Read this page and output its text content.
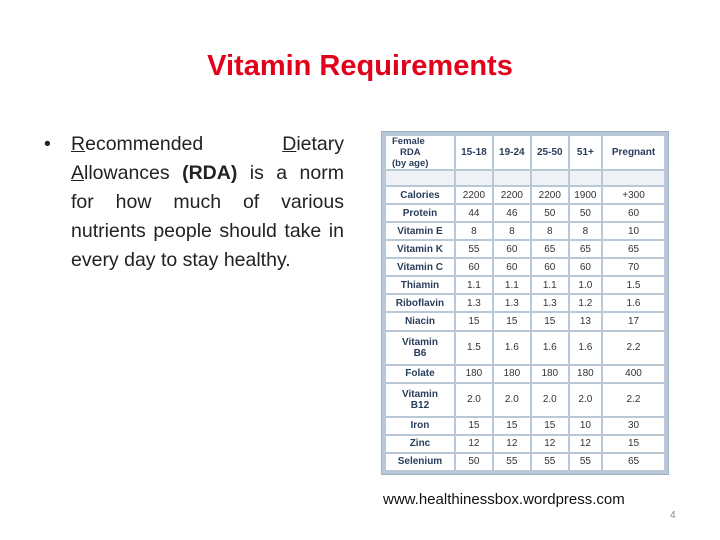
Vitamin Requirements
• Recommended	Dietary Allowances (RDA) is a norm for how much of various nutrients people should take in every day to stay healthy.
Female
RDA
(by age)	15-18	19-24	25-50	51+	Pregnant

Calories	2200	2200	2200	1900	+300
Protein	44	46	50	50	60
Vitamin E	8	8	8	8	10
Vitamin K	55	60	65	65	65
Vitamin C	60	60	60	60	70
Thiamin	1.1	1.1	1.1	1.0	1.5
Riboflavin	1.3	1.3	1.3	1.2	1.6
Niacin	15	15	15	13	17
Vitamin
B6	1.5	1.6	1.6	1.6	2.2
Folate	180	180	180	180	400
Vitamin
B12	2.0	2.0	2.0	2.0	2.2
Iron	15	15	15	10	30
Zinc	12	12	12	12	15
Selenium	50	55	55	55	65
www.healthinessbox.wordpress.com
4
